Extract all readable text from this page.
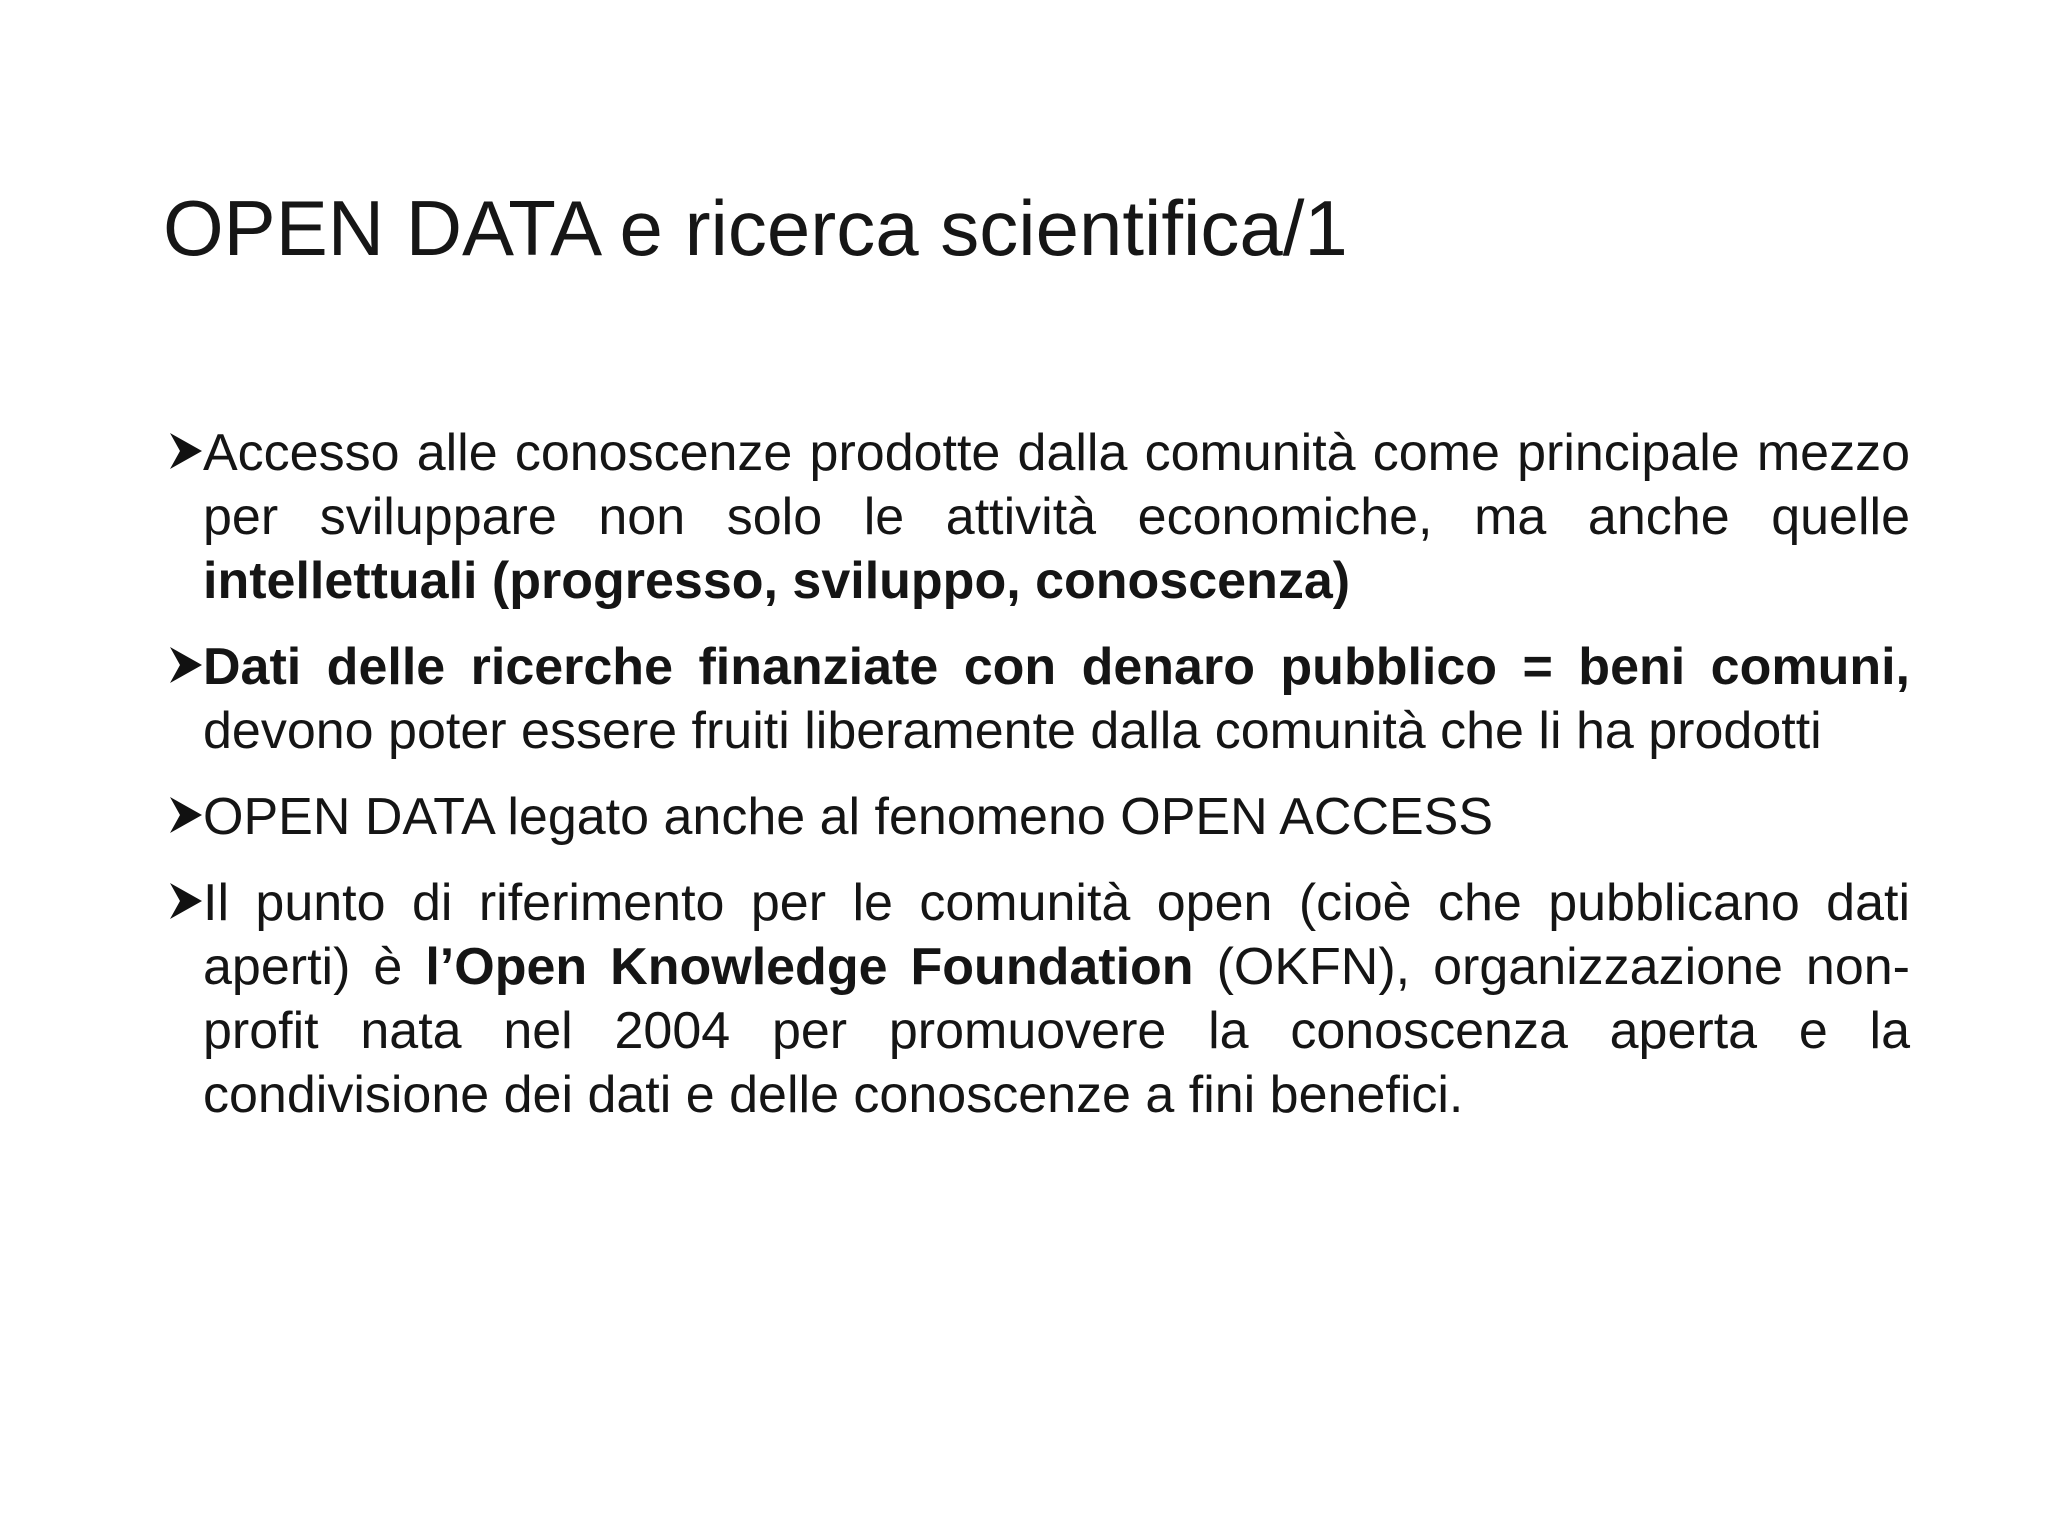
OPEN DATA e ricerca scientifica/1
Accesso alle conoscenze prodotte dalla comunità come principale mezzo per sviluppare non solo le attività economiche, ma anche quelle intellettuali (progresso, sviluppo, conoscenza)
Dati delle ricerche finanziate con denaro pubblico = beni comuni, devono poter essere fruiti liberamente dalla comunità che li ha prodotti
OPEN DATA legato anche al fenomeno OPEN ACCESS
Il punto di riferimento per le comunità open (cioè che pubblicano dati aperti) è l’Open Knowledge Foundation (OKFN), organizzazione non-profit nata nel 2004 per promuovere la conoscenza aperta e la condivisione dei dati e delle conoscenze a fini benefici.
